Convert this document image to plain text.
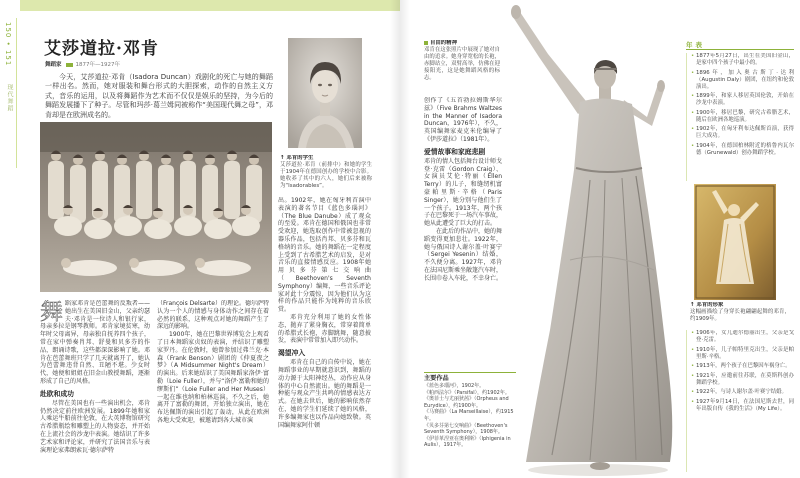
150 • 151
现代舞蹈
艾莎道拉·邓肯
舞蹈家	1877年—1927年

今天，艾莎道拉·邓肯（Isadora Duncan）戏剧化的死亡与她的舞蹈一样出名。然而，她对服装和舞台形式的大胆探索，动作的自然主义方式，音乐的运用，以及将舞蹈作为艺术而不仅仅是娱乐的坚持，为今后的舞蹈发展播下了种子。尽管和玛莎·葛兰姆同被称作“美国现代舞之母”，邓肯却是在欧洲成名的。

↑ 邓肯的学生
艾莎道拉·邓肯（前排中）和她的学生于1904年在德国创办的学校中合影。她收养了其中的六人，她们后来被称为“Isadorables”。

舞蹈家邓肯是芭蕾舞的反叛者——她出生在美国旧金山，父亲约瑟夫·邓肯是一位诗人和银行家，母亲多拉是钢琴教师。邓肯家境贫寒，幼年时父母离异，母亲独自抚养四个孩子，常在家中弹奏肖邦、舒曼和贝多芬的作品，朗诵诗歌，这些都深深影响了她。邓肯在芭蕾舞班只学了几天就离开了，她认为芭蕾舞违背自然、丑陋不堪。少女时代，她便和姐姐在旧金山教授舞蹈，逐渐形成了自己的风格。

赴欧和成功

尽管在美国也有一些演出机会，邓肯仍然决定前往欧洲发展。1899年她和家人乘运牛船前往伦敦，在大英博物馆研究古希腊瓶绘和雕塑上的人物姿态，并开始在上流社会的沙龙中表演。她结识了许多艺术家和评论家，并研究了法国音乐与表演理论家弗朗索瓦·德尔萨特

（François Delsarte）的理论。德尔萨特认为一个人的情感与身体动作之间存在着必然的联系，这种观点对她的舞蹈产生了深远的影响。

1900年，她在巴黎世界博览会上观看了日本舞蹈家贞奴的表演，并结识了雕塑家罗丹。在伦敦时，她曾参加过弗兰克·本森（Frank Benson）剧团的《仲夏夜之梦》（A Midsummer Night's Dream）的演出。后来她结识了美国舞蹈家洛伊·富勒（Loie Fuller），并与“洛伊·富勒和她的缪斯们”（Loie Fuller and Her Muses）一起在维也纳和柏林巡演。不久之后，她离开了富勒的舞团，开始独立演出，她在布达佩斯的演出引起了轰动，从此在欧洲各地大受欢迎，被邀请到各大城市演

出。1902年，她在匈牙利首演中表演的著名节目《蓝色多瑙河》（The Blue Danube）成了观众的至爱。邓肯在德国和俄国也非常受欢迎，她选取创作中常被忽视的器乐作品，包括肖邦、贝多芬和瓦格纳的音乐。她的舞蹈在一定程度上受到了古希腊艺术的启发，是对音乐的直接情感反应。1908年她用贝多芬第七交响曲（Beethoven's Seventh Symphony）编舞，一些音乐评论家对此十分震惊，因为他们认为这样的作品只能作为纯粹的音乐欣赏。

邓肯充分利用了她的女性体态，抛弃了紧身胸衣，常穿着简单的希腊式长袍，赤脚跳舞，随意披发，表演中常常加入即兴动作。

渴望冲入

邓肯在自己的自传中说，她在舞蹈事业的早期就意识到，舞蹈的动力源于太阳神经丛，动作应从身体的中心自然流出。她的舞蹈是一种能与观众产生共鸣的情感表达方式。在她去世后，她的影响依然存在，她的学生们延续了她的风格，许多编舞家也以作品向她致敬。英国编舞家阿什顿

自由的精神
邓肯在这张照片中展现了她对自由的追求。她身穿宽松的长袍，赤脚站立，双臂高举，仿佛在迎接阳光，这是她舞蹈风格的标志。

创作了《五首勃拉姆斯华尔兹》（Five Brahms Waltzes in the Manner of Isadora Duncan，1976年），不久，英国编舞家麦克米伦编导了《伊莎道拉》（1981年）。

爱情故事和家庭悲剧

邓肯的情人包括舞台设计师戈登·克雷（Gordon Craig）、女演员艾伦·特丽（Ellen Terry）的儿子，和缝纫机富豪帕里斯·辛格（Paris Singer），她分别与他们生了一个孩子。1913年，两个孩子在巴黎死于一场汽车事故，她从此遭受了巨大的打击。

在此后的作品中，她的舞蹈变得更加悲壮。1922年，她与俄国诗人谢尔盖·叶赛宁（Sergei Yesenin）结婚，不久便分离。1927年，邓肯在法国尼斯乘坐敞篷汽车时，长围巾卷入车轮，不幸身亡。

主要作品
《蓝色多瑙河》，1902年。
《帕西法尔》（Parsifal），约1902年。
《奥菲士与尤丽狄茜》（Orpheus and Eurydice），约1900年。
《马赛曲》（La Marseillaise），约1915年。
《贝多芬第七交响曲》（Beethoven's Seventh Symphony），1908年。
《伊菲革涅亚在奥利斯》（Iphigenia in Aulis），1917年。
年表
• 1877年5月27日，出生在美国旧金山，是家中四个孩子中最小的。
• 1896年，加入奥古斯丁·达利（Augustin Daly）剧团，在纽约和伦敦演出。
• 1899年，和家人移居英国伦敦，开始在沙龙中表演。
• 1900年，移居巴黎，研究古希腊艺术，随后在欧洲各地巡演。
• 1902年，在匈牙利布达佩斯首演，获得巨大成功。
• 1904年，在德国柏林附近的格鲁内瓦尔德（Grunewald）创办舞蹈学校。
↑ 邓肯的形象
这幅画描绘了身穿长袍翩翩起舞的邓肯，约1909年。
• 1906年，女儿迪尔德丽出生，父亲是戈登·克雷。
• 1910年，儿子帕特里克出生，父亲是帕里斯·辛格。
• 1913年，两个孩子在巴黎因车祸身亡。
• 1921年，应邀前往苏联，在莫斯科创办舞蹈学校。
• 1922年，与诗人谢尔盖·叶赛宁结婚。
• 1927年9月14日，在法国尼斯去世，同年出版自传《我的生活》（My Life）。
